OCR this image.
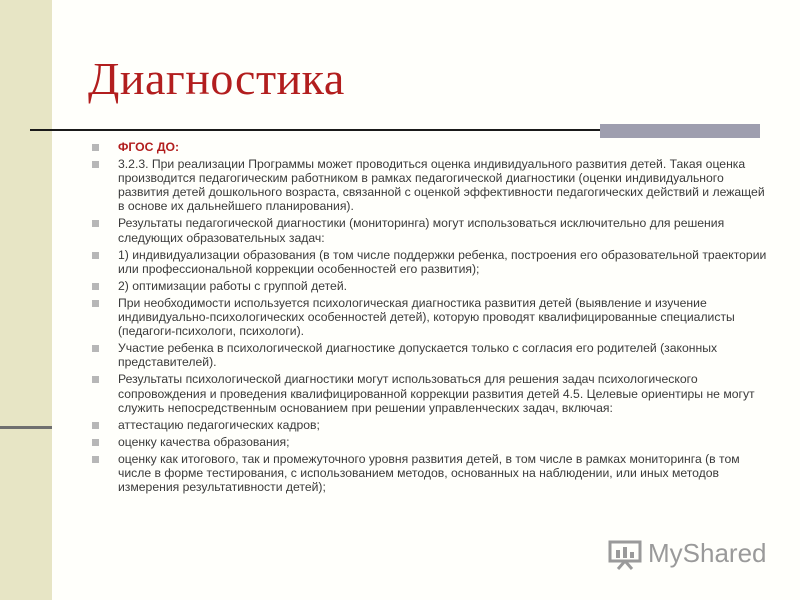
Диагностика
ФГОС ДО:
3.2.3. При реализации Программы может проводиться оценка индивидуального развития детей. Такая оценка производится педагогическим работником в рамках педагогической диагностики (оценки индивидуального развития детей дошкольного возраста, связанной с оценкой эффективности педагогических действий и лежащей в основе их дальнейшего планирования).
Результаты педагогической диагностики (мониторинга) могут использоваться исключительно для решения следующих образовательных задач:
1) индивидуализации образования (в том числе поддержки ребенка, построения его образовательной траектории или профессиональной коррекции особенностей его развития);
2) оптимизации работы с группой детей.
При необходимости используется психологическая диагностика развития детей (выявление и изучение индивидуально-психологических особенностей детей), которую проводят квалифицированные специалисты (педагоги-психологи, психологи).
Участие ребенка в психологической диагностике допускается только с согласия его родителей (законных представителей).
Результаты психологической диагностики могут использоваться для решения задач психологического сопровождения и проведения квалифицированной коррекции развития детей 4.5. Целевые ориентиры не могут служить непосредственным основанием при решении управленческих задач, включая:
аттестацию педагогических кадров;
оценку качества образования;
оценку как итогового, так и промежуточного уровня развития детей, в том числе в рамках мониторинга (в том числе в форме тестирования, с использованием методов, основанных на наблюдении, или иных методов измерения результативности детей);
MyShared
